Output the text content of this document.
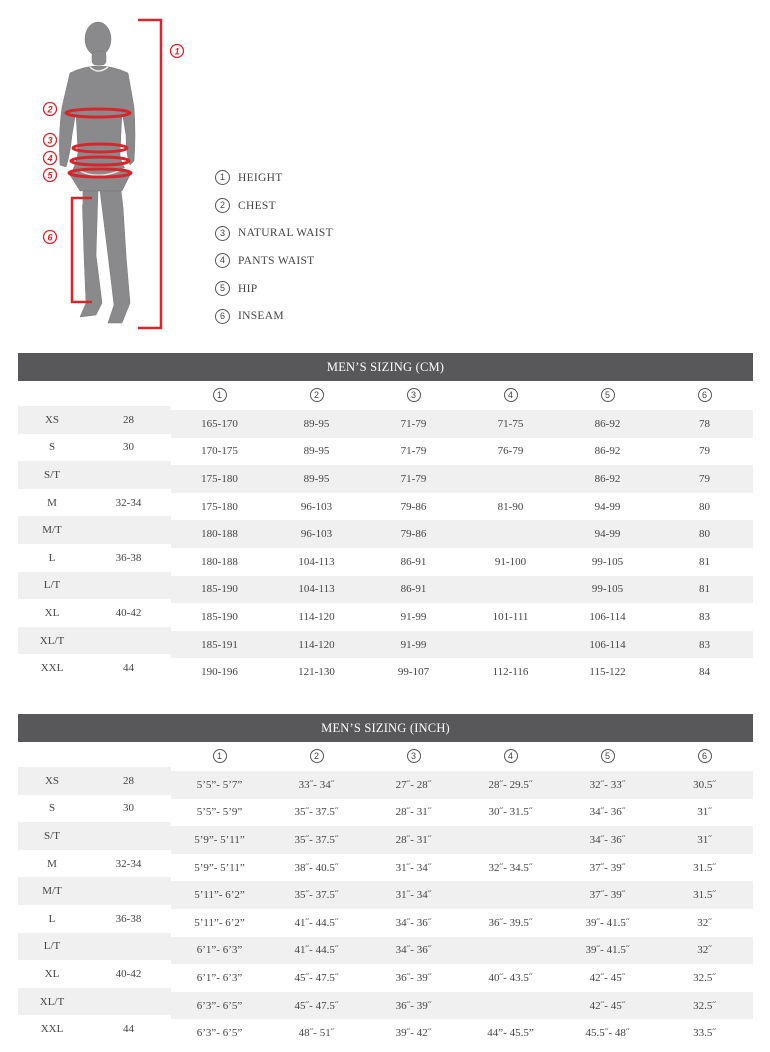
1
2
3
4
5
6
1	HEIGHT
2	CHEST
3	NATURAL WAIST
4	PANTS WAIST
5	HIP
6	INSEAM
MEN’S SIZING (CM)							
		1	2	3	4	5	6
XS	28	165-170	89-95	71-79	71-75	86-92	78
S	30	170-175	89-95	71-79	76-79	86-92	79
S/T		175-180	89-95	71-79		86-92	79
M	32-34	175-180	96-103	79-86	81-90	94-99	80
M/T		180-188	96-103	79-86		94-99	80
L	36-38	180-188	104-113	86-91	91-100	99-105	81
L/T		185-190	104-113	86-91		99-105	81
XL	40-42	185-190	114-120	91-99	101-111	106-114	83
XL/T		185-191	114-120	91-99		106-114	83
XXL	44	190-196	121-130	99-107	112-116	115-122	84
MEN’S SIZING (INCH)							
		1	2	3	4	5	6
XS	28	5’5”- 5’7”	33˝- 34˝	27˝- 28˝	28˝- 29.5˝	32˝- 33˝	30.5˝
S	30	5’5”- 5’9”	35˝- 37.5˝	28˝- 31˝	30˝- 31.5˝	34˝- 36˝	31˝
S/T		5’9”- 5’11”	35˝- 37.5˝	28˝- 31˝		34˝- 36˝	31˝
M	32-34	5’9”- 5’11”	38˝- 40.5˝	31˝- 34˝	32˝- 34.5˝	37˝- 39˝	31.5˝
M/T		5’11”- 6’2”	35˝- 37.5˝	31˝- 34˝		37˝- 39˝	31.5˝
L	36-38	5’11”- 6’2”	41˝- 44.5˝	34˝- 36˝	36˝- 39.5˝	39˝- 41.5˝	32˝
L/T		6’1”- 6’3”	41˝- 44.5˝	34˝- 36˝		39˝- 41.5˝	32˝
XL	40-42	6’1”- 6’3”	45˝- 47.5˝	36˝- 39˝	40˝- 43.5˝	42˝- 45˝	32.5˝
XL/T		6’3”- 6’5”	45˝- 47.5˝	36˝- 39˝		42˝- 45˝	32.5˝
XXL	44	6’3”- 6’5”	48˝- 51˝	39˝- 42˝	44”- 45.5”	45.5˝- 48˝	33.5˝
